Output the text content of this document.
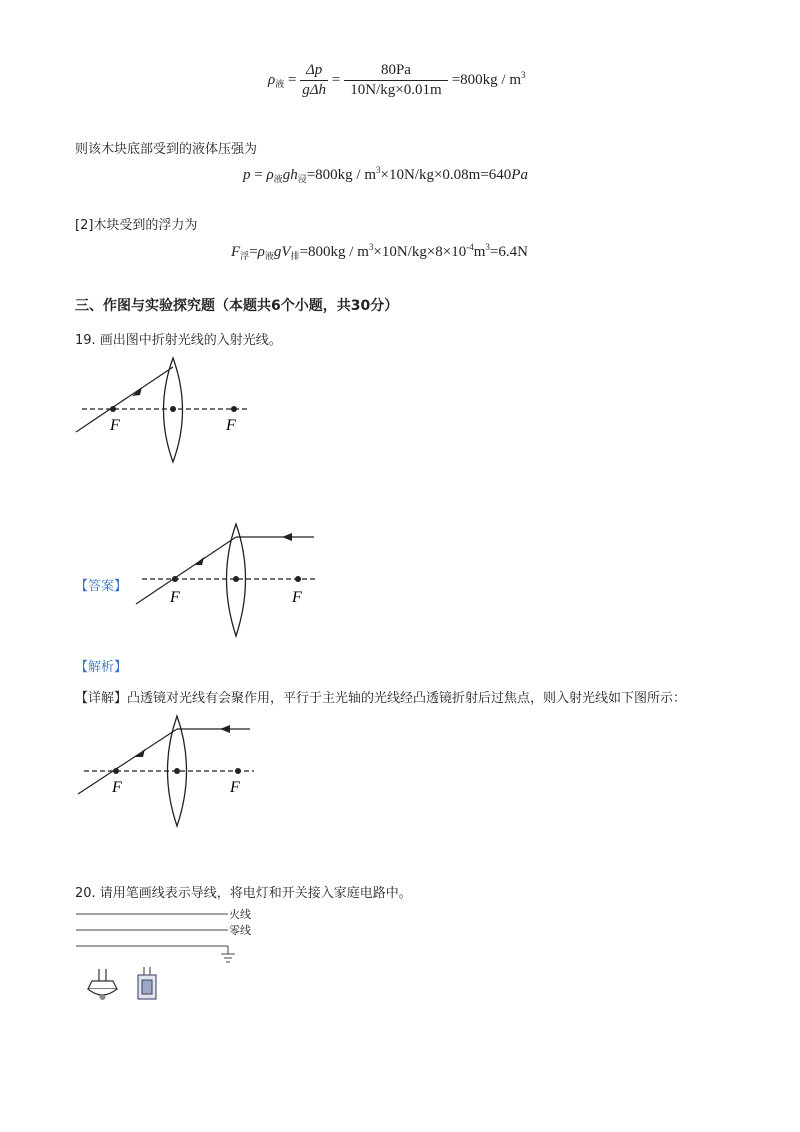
$\rho_液 = \frac{\Delta p}{\text{gΔh}} = \frac{80Pa}{10N/kg\times 0.01m} =800kg / m^3$
则该木块底部受到的液体压强为
$p = \rho_液gh_浸=800kg / m^3\times 10N/kg\times 0.08m=640Pa$
[2]木块受到的浮力为
$F_浮=\rho_液gV_排=800kg / m^3\times 10N/kg\times 8\times 10^{-4}m^3=6.4N$
三、作图与实验探究题（本题共6个小题，共30分）
19. 画出图中折射光线的入射光线。
F	F
【答案】
F	F
【解析】
【详解】凸透镜对光线有会聚作用，平行于主光轴的光线经凸透镜折射后过焦点，则入射光线如下图所示：
F	F
20. 请用笔画线表示导线，将电灯和开关接入家庭电路中。
火线
零线
